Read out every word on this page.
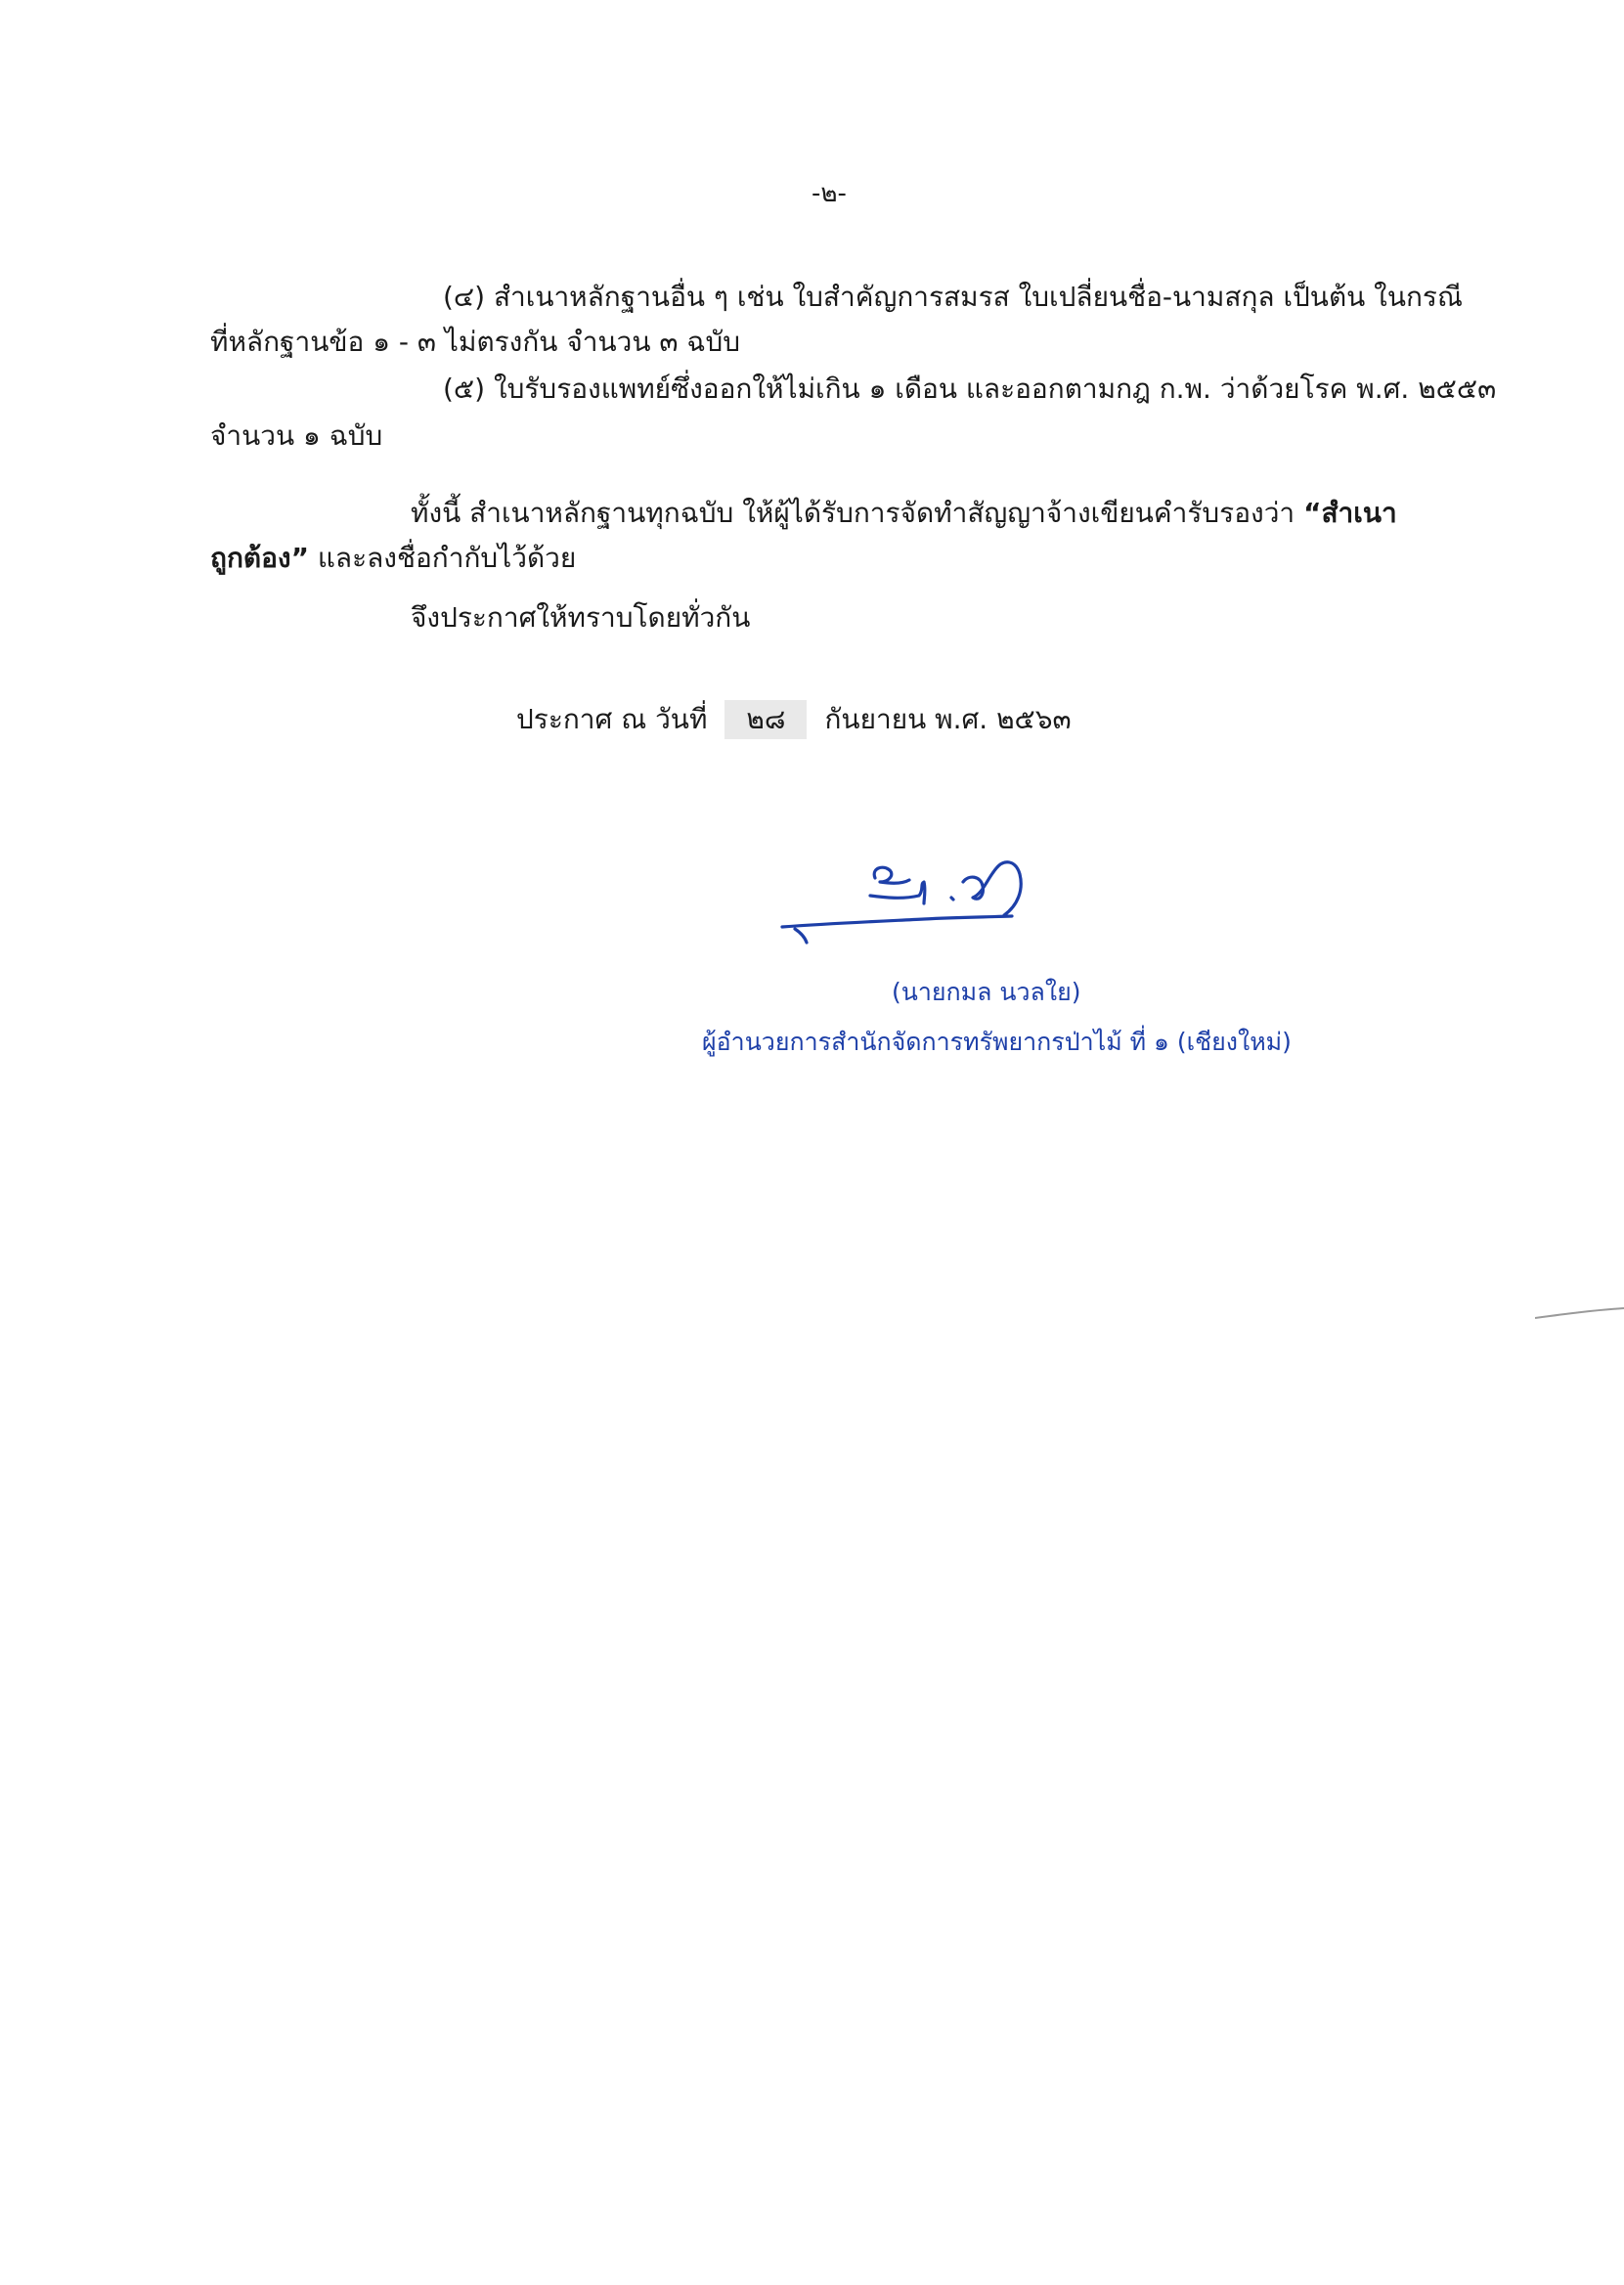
-๒-
(๔) สำเนาหลักฐานอื่น ๆ เช่น ใบสำคัญการสมรส ใบเปลี่ยนชื่อ-นามสกุล เป็นต้น ในกรณี
ที่หลักฐานข้อ ๑ - ๓ ไม่ตรงกัน จำนวน ๓ ฉบับ
(๕) ใบรับรองแพทย์ซึ่งออกให้ไม่เกิน ๑ เดือน และออกตามกฎ ก.พ. ว่าด้วยโรค พ.ศ. ๒๕๕๓
จำนวน ๑ ฉบับ
ทั้งนี้ สำเนาหลักฐานทุกฉบับ ให้ผู้ได้รับการจัดทำสัญญาจ้างเขียนคำรับรองว่า “สำเนา
ถูกต้อง” และลงชื่อกำกับไว้ด้วย
จึงประกาศให้ทราบโดยทั่วกัน
ประกาศ ณ วันที่ ๒๘ กันยายน พ.ศ. ๒๕๖๓
(นายกมล นวลใย)
ผู้อำนวยการสำนักจัดการทรัพยากรป่าไม้ ที่ ๑ (เชียงใหม่)
